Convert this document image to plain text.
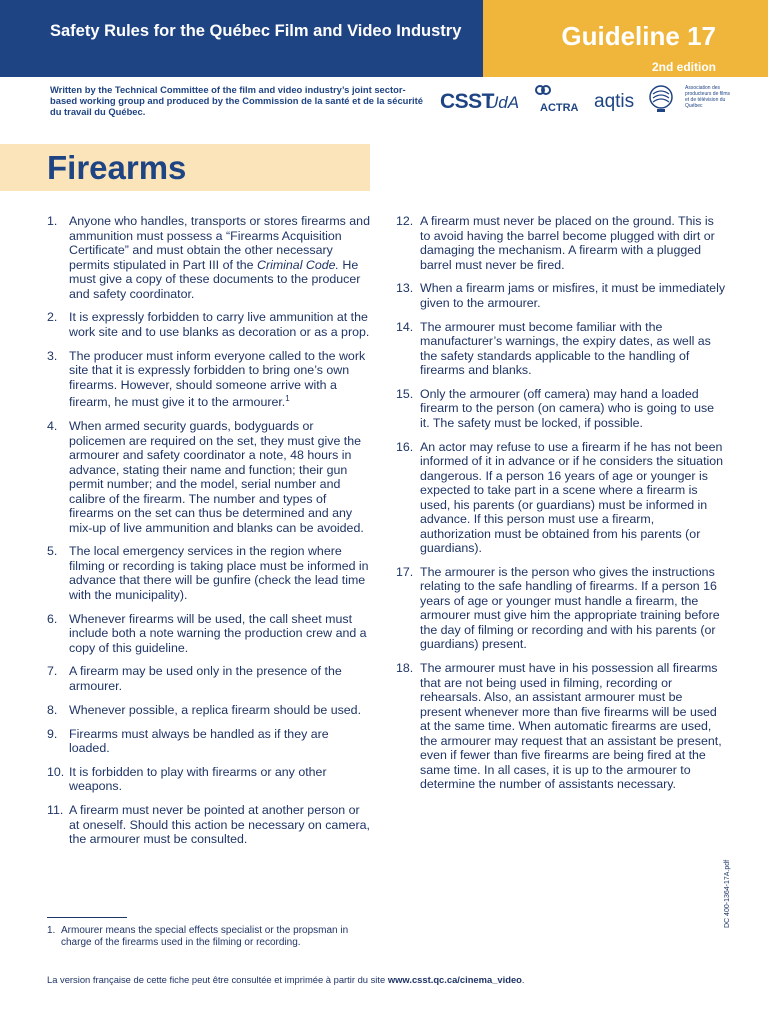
Safety Rules for the Québec Film and Video Industry	Guideline 17
2nd edition
Written by the Technical Committee of the film and video industry’s joint sector-based working group and produced by the Commission de la santé et de la sécurité du travail du Québec.	CSST
UdA ACTRA aqtis
Association des producteurs de films et de télévision du Québec
Firearms
1. Anyone who handles, transports or stores firearms and ammunition must possess a “Firearms Acquisition Certificate” and must obtain the other necessary permits stipulated in Part III of the Criminal Code. He must give a copy of these documents to the producer and safety coordinator.
2. It is expressly forbidden to carry live ammunition at the work site and to use blanks as decoration or as a prop.
3. The producer must inform everyone called to the work site that it is expressly forbidden to bring one’s own firearms. However, should someone arrive with a firearm, he must give it to the armourer.$^1$
4. When armed security guards, bodyguards or policemen are required on the set, they must give the armourer and safety coordinator a note, 48 hours in advance, stating their name and function; their gun permit number; and the model, serial number and calibre of the firearm. The number and types of firearms on the set can thus be determined and any mix-up of live ammunition and blanks can be avoided.
5. The local emergency services in the region where filming or recording is taking place must be informed in advance that there will be gunfire (check the lead time with the municipality).
6. Whenever firearms will be used, the call sheet must include both a note warning the production crew and a copy of this guideline.
7. A firearm may be used only in the presence of the armourer.
8. Whenever possible, a replica firearm should be used.
9. Firearms must always be handled as if they are loaded.
10. It is forbidden to play with firearms or any other weapons.
11. A firearm must never be pointed at another person or at oneself. Should this action be necessary on camera, the armourer must be consulted.
12. A firearm must never be placed on the ground. This is to avoid having the barrel become plugged with dirt or damaging the mechanism. A firearm with a plugged barrel must never be fired.
13. When a firearm jams or misfires, it must be immediately given to the armourer.
14. The armourer must become familiar with the manufacturer’s warnings, the expiry dates, as well as the safety standards applicable to the handling of firearms and blanks.
15. Only the armourer (off camera) may hand a loaded firearm to the person (on camera) who is going to use it. The safety must be locked, if possible.
16. An actor may refuse to use a firearm if he has not been informed of it in advance or if he considers the situation dangerous. If a person 16 years of age or younger is expected to take part in a scene where a firearm is used, his parents (or guardians) must be informed in advance. If this person must use a firearm, authorization must be obtained from his parents (or guardians).
17. The armourer is the person who gives the instructions relating to the safe handling of firearms. If a person 16 years of age or younger must handle a firearm, the armourer must give him the appropriate training before the day of filming or recording and with his parents (or guardians) present.
18. The armourer must have in his possession all firearms that are not being used in filming, recording or rehearsals. Also, an assistant armourer must be present whenever more than five firearms will be used at the same time. When automatic firearms are used, the armourer may request that an assistant be present, even if fewer than five firearms are being fired at the same time. In all cases, it is up to the armourer to determine the number of assistants necessary.
1. Armourer means the special effects specialist or the propsman in charge of the firearms used in the filming or recording.
La version française de cette fiche peut être consultée et imprimée à partir du site www.csst.qc.ca/cinema_video.
DC 400-1364-17A.pdf
